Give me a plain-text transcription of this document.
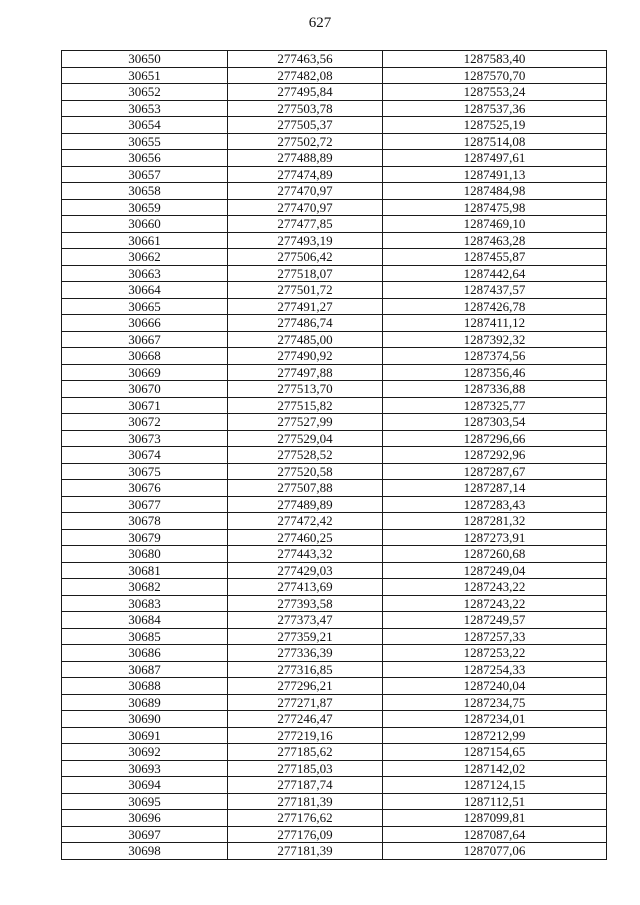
627
30650	277463,56	1287583,40
30651	277482,08	1287570,70
30652	277495,84	1287553,24
30653	277503,78	1287537,36
30654	277505,37	1287525,19
30655	277502,72	1287514,08
30656	277488,89	1287497,61
30657	277474,89	1287491,13
30658	277470,97	1287484,98
30659	277470,97	1287475,98
30660	277477,85	1287469,10
30661	277493,19	1287463,28
30662	277506,42	1287455,87
30663	277518,07	1287442,64
30664	277501,72	1287437,57
30665	277491,27	1287426,78
30666	277486,74	1287411,12
30667	277485,00	1287392,32
30668	277490,92	1287374,56
30669	277497,88	1287356,46
30670	277513,70	1287336,88
30671	277515,82	1287325,77
30672	277527,99	1287303,54
30673	277529,04	1287296,66
30674	277528,52	1287292,96
30675	277520,58	1287287,67
30676	277507,88	1287287,14
30677	277489,89	1287283,43
30678	277472,42	1287281,32
30679	277460,25	1287273,91
30680	277443,32	1287260,68
30681	277429,03	1287249,04
30682	277413,69	1287243,22
30683	277393,58	1287243,22
30684	277373,47	1287249,57
30685	277359,21	1287257,33
30686	277336,39	1287253,22
30687	277316,85	1287254,33
30688	277296,21	1287240,04
30689	277271,87	1287234,75
30690	277246,47	1287234,01
30691	277219,16	1287212,99
30692	277185,62	1287154,65
30693	277185,03	1287142,02
30694	277187,74	1287124,15
30695	277181,39	1287112,51
30696	277176,62	1287099,81
30697	277176,09	1287087,64
30698	277181,39	1287077,06
